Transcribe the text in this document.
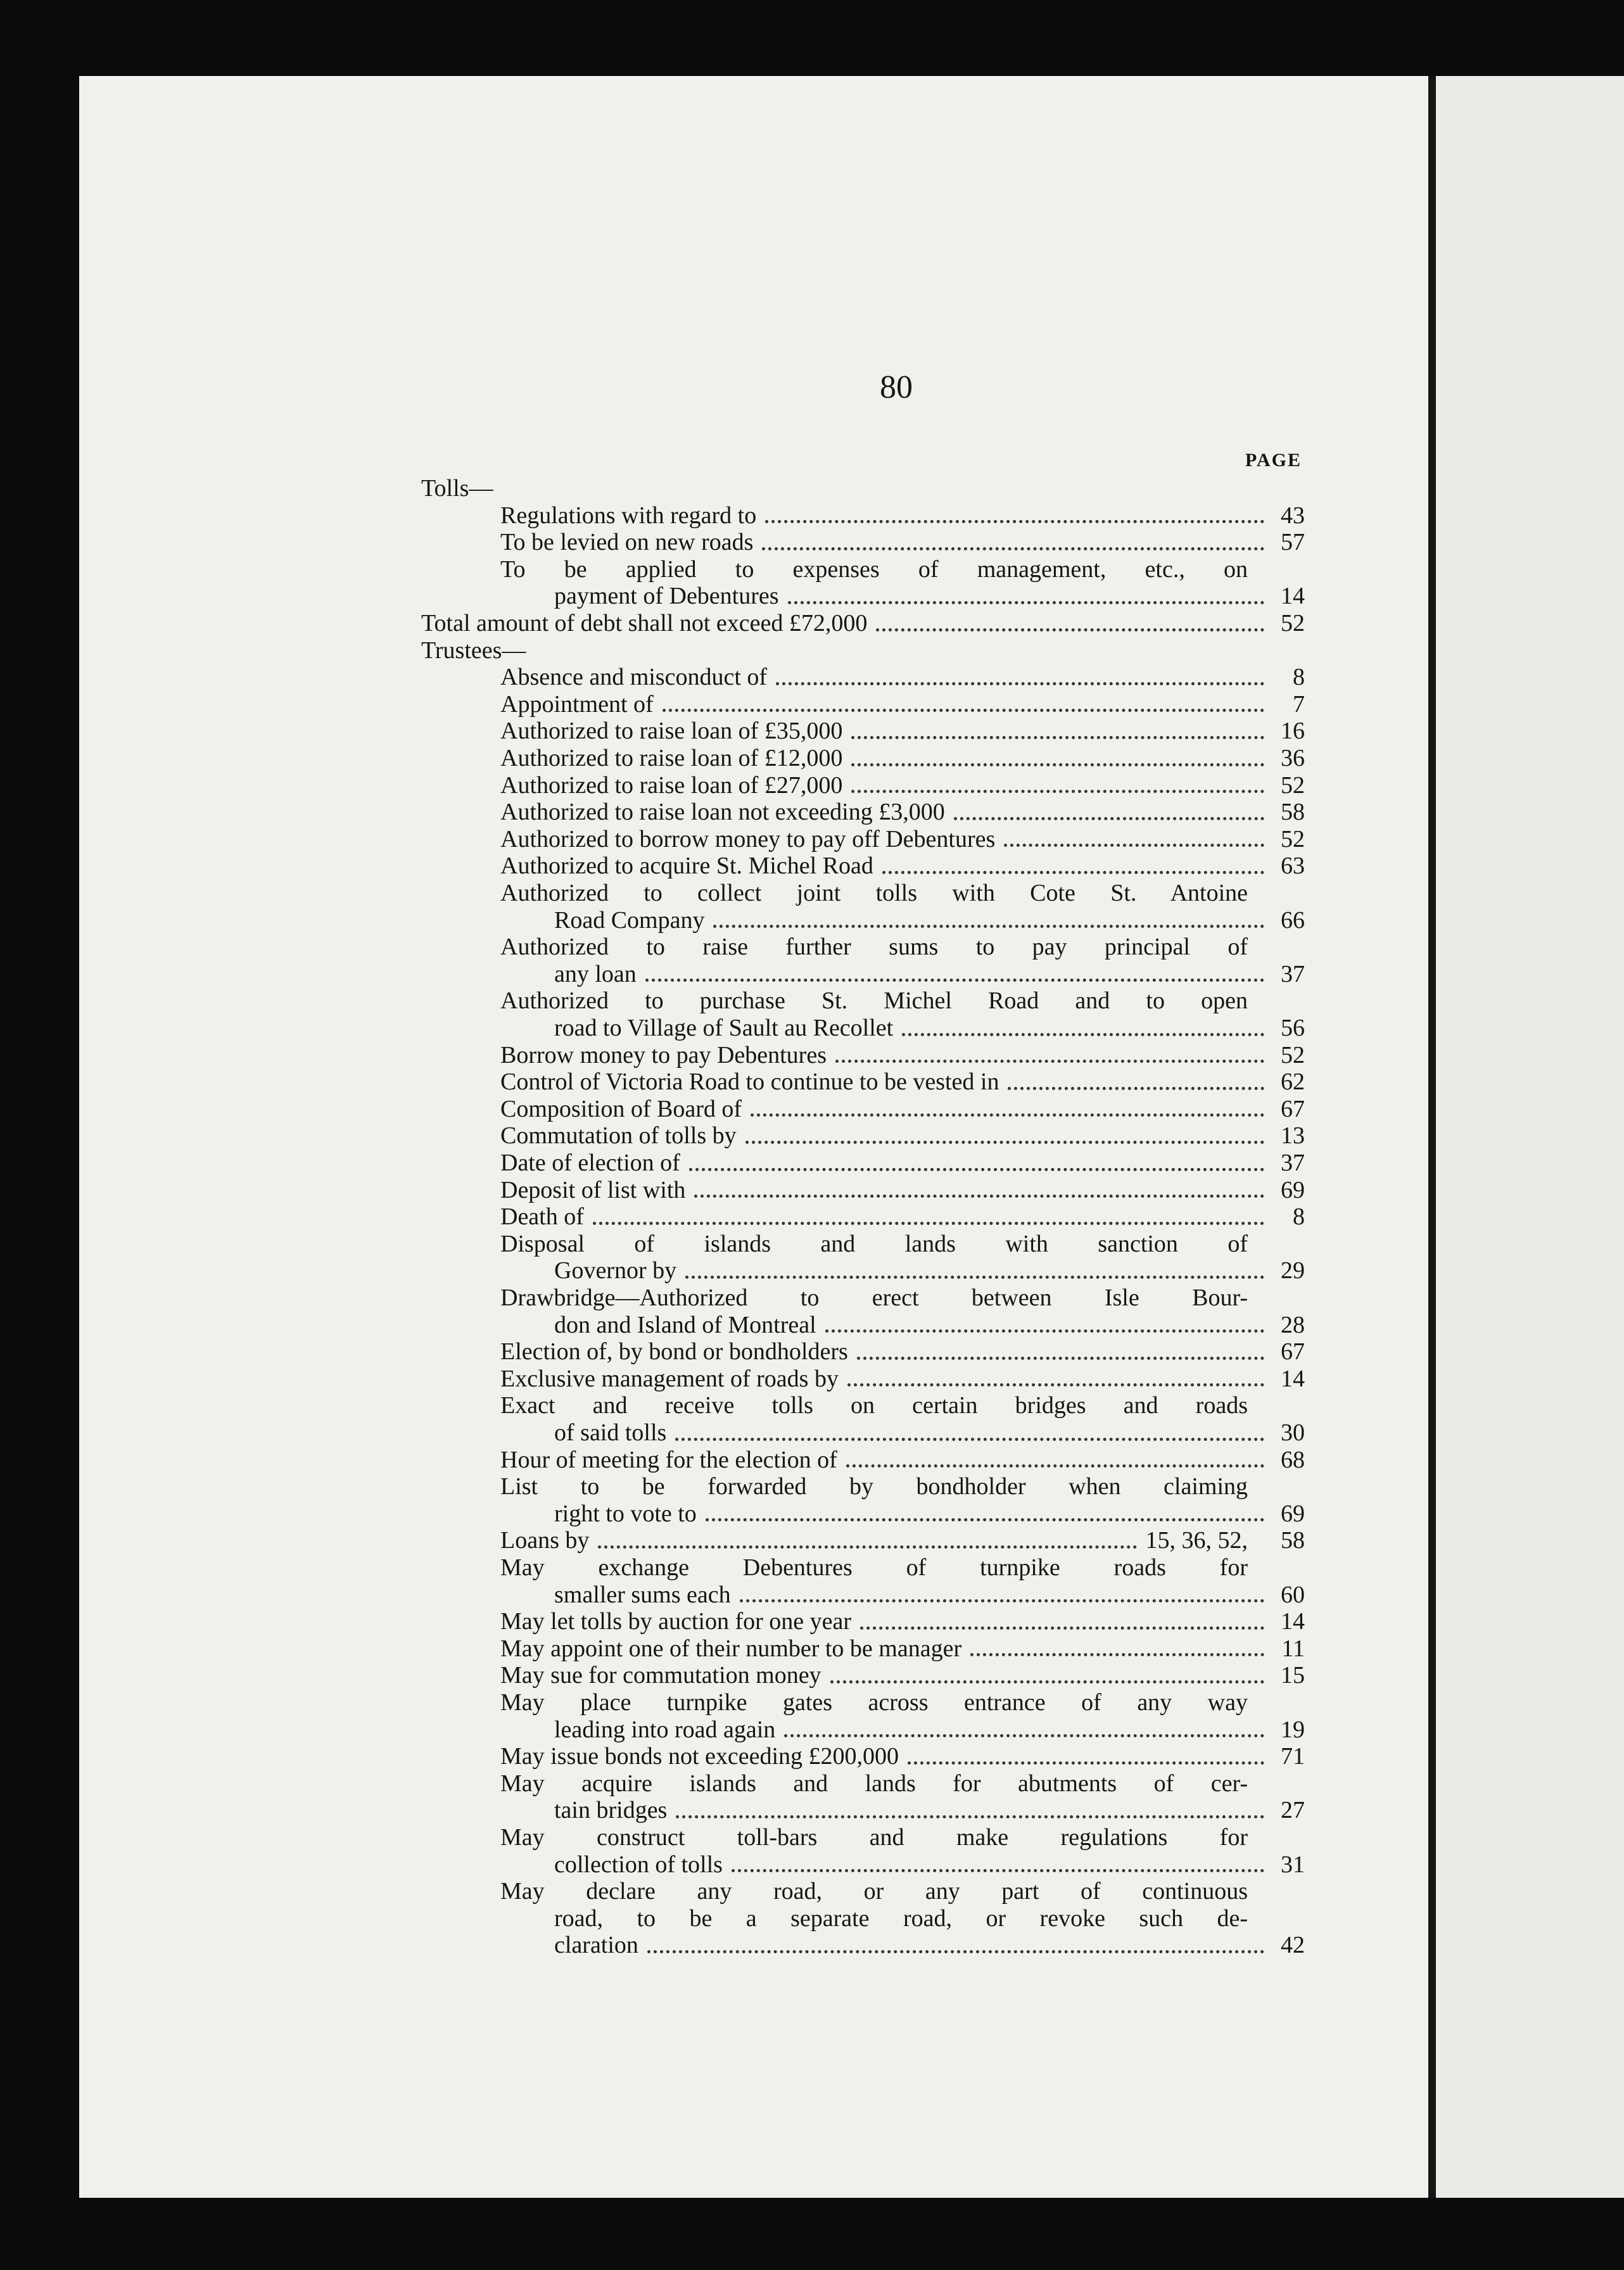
80
PAGE
Tolls—
Regulations with regard to	43
To be levied on new roads	57
To be applied to expenses of management, etc., on
payment of Debentures	14
Total amount of debt shall not exceed £72,000	52
Trustees—
Absence and misconduct of	8
Appointment of	7
Authorized to raise loan of £35,000	16
Authorized to raise loan of £12,000	36
Authorized to raise loan of £27,000	52
Authorized to raise loan not exceeding £3,000	58
Authorized to borrow money to pay off Debentures	52
Authorized to acquire St. Michel Road	63
Authorized to collect joint tolls with Cote St. Antoine
Road Company	66
Authorized to raise further sums to pay principal of
any loan	37
Authorized to purchase St. Michel Road and to open
road to Village of Sault au Recollet	56
Borrow money to pay Debentures	52
Control of Victoria Road to continue to be vested in	62
Composition of Board of	67
Commutation of tolls by	13
Date of election of	37
Deposit of list with	69
Death of	8
Disposal of islands and lands with sanction of
Governor by	29
Drawbridge—Authorized to erect between Isle Bour-
don and Island of Montreal	28
Election of, by bond or bondholders	67
Exclusive management of roads by	14
Exact and receive tolls on certain bridges and roads
of said tolls	30
Hour of meeting for the election of	68
List to be forwarded by bondholder when claiming
right to vote to	69
Loans by	15, 36, 52,	58
May exchange Debentures of turnpike roads for
smaller sums each	60
May let tolls by auction for one year	14
May appoint one of their number to be manager	11
May sue for commutation money	15
May place turnpike gates across entrance of any way
leading into road again	19
May issue bonds not exceeding £200,000	71
May acquire islands and lands for abutments of cer-
tain bridges	27
May construct toll-bars and make regulations for
collection of tolls	31
May declare any road, or any part of continuous
road, to be a separate road, or revoke such de-
claration	42
